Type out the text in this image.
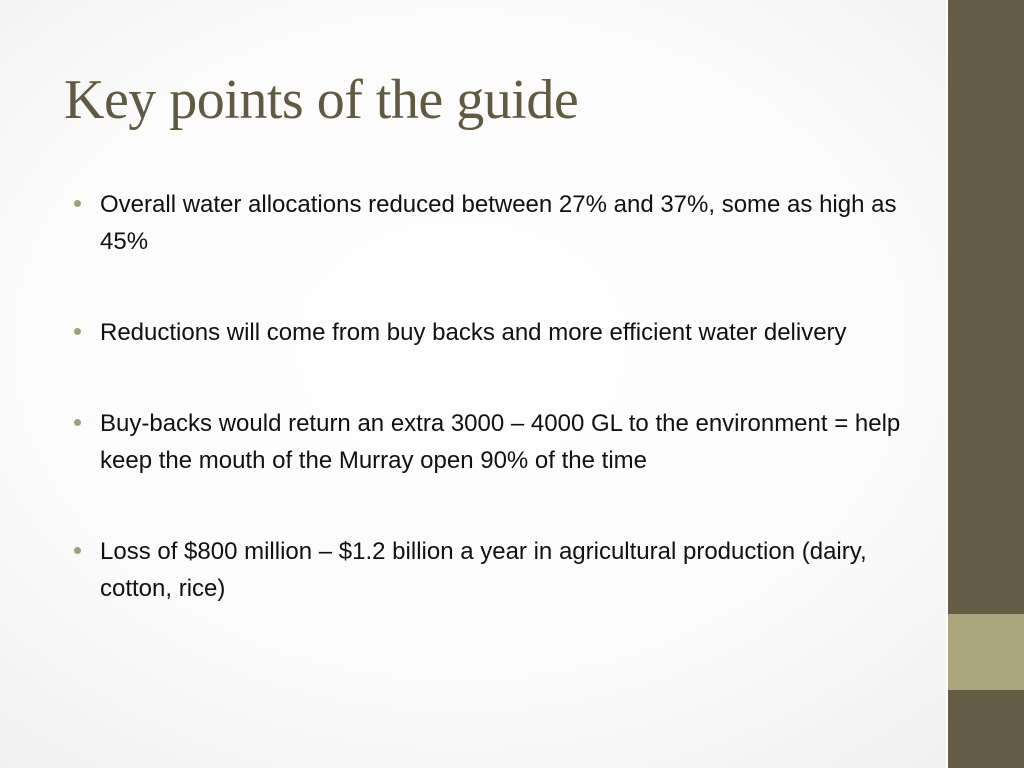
Key points of the guide
Overall water allocations reduced between 27% and 37%, some as high as 45%
Reductions will come from buy backs and more efficient water delivery
Buy-backs would return an extra 3000 – 4000 GL to the environment = help keep the mouth of the Murray open 90% of the time
Loss of $800 million – $1.2 billion a year in agricultural production (dairy, cotton, rice)
